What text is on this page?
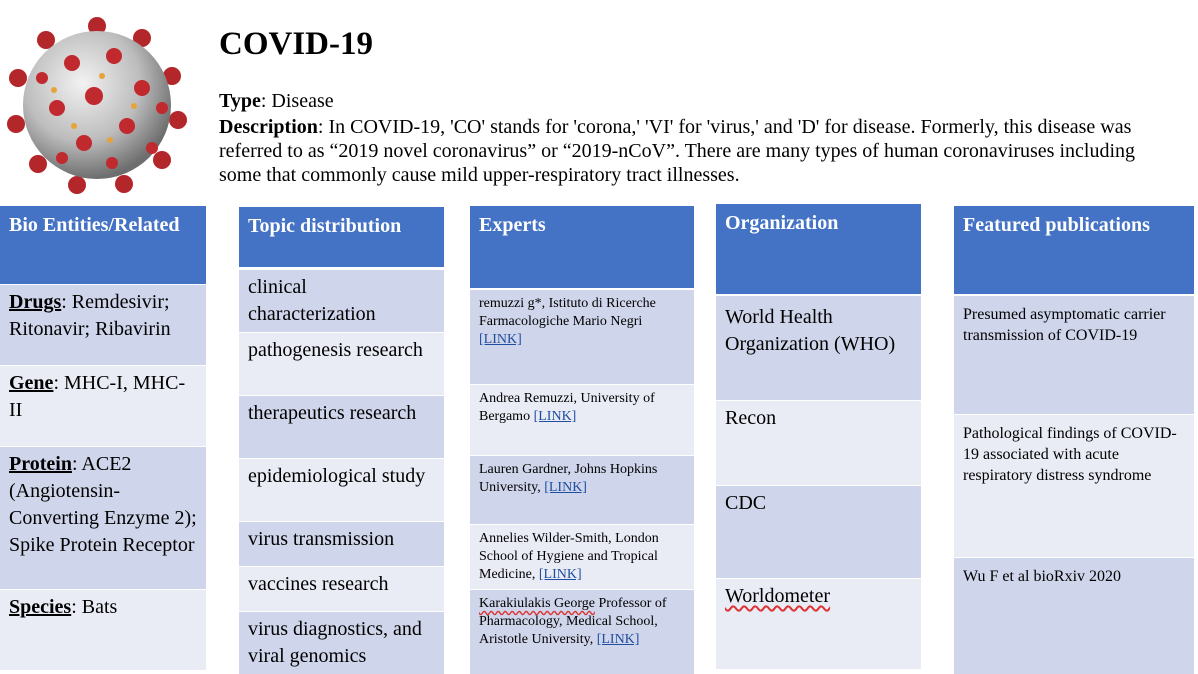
COVID-19
Type: Disease
Description: In COVID-19, 'CO' stands for 'corona,' 'VI' for 'virus,' and 'D' for disease. Formerly, this disease was referred to as “2019 novel coronavirus” or “2019-nCoV”. There are many types of human coronaviruses including some that commonly cause mild upper-respiratory tract illnesses.
Bio Entities/Related
Drugs: Remdesivir; Ritonavir; Ribavirin
Gene: MHC-I, MHC-II
Protein: ACE2 (Angiotensin-Converting Enzyme 2); Spike Protein Receptor
Species: Bats
Topic distribution
clinical characterization
pathogenesis research
therapeutics research
epidemiological study
virus transmission
vaccines research
virus diagnostics, and viral genomics
Experts
remuzzi g*, Istituto di Ricerche Farmacologiche Mario Negri [LINK]
Andrea Remuzzi, University of Bergamo [LINK]
Lauren Gardner, Johns Hopkins University, [LINK]
Annelies Wilder-Smith, London School of Hygiene and Tropical Medicine, [LINK]
Karakiulakis George Professor of Pharmacology, Medical School, Aristotle University, [LINK]
Organization
World Health Organization (WHO)
Recon
CDC
Worldometer
Featured publications
Presumed asymptomatic carrier transmission of COVID-19
Pathological findings of COVID-19 associated with acute respiratory distress syndrome
Wu F et al bioRxiv 2020
